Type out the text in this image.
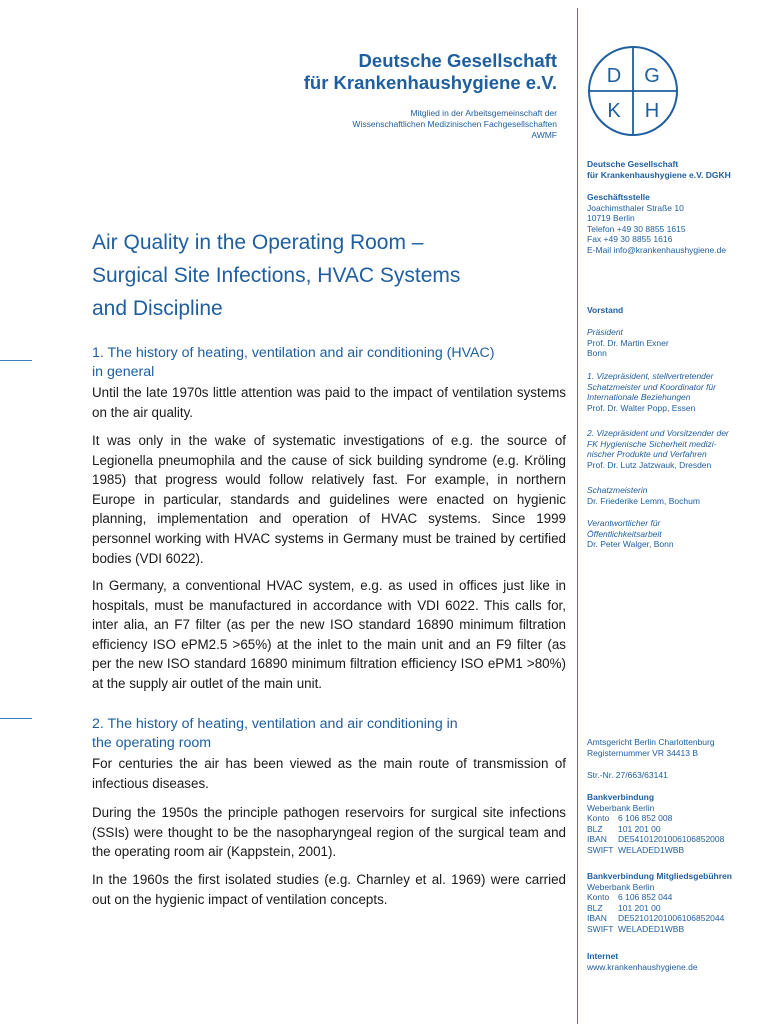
Deutsche Gesellschaft
für Krankenhaushygiene e.V.
Mitglied in der Arbeitsgemeinschaft der
Wissenschaftlichen Medizinischen Fachgesellschaften
AWMF
D G
K H
Deutsche Gesellschaft
für Krankenhaushygiene e.V. DGKH
Geschäftsstelle
Joachimsthaler Straße 10
10719 Berlin
Telefon +49 30 8855 1615
Fax +49 30 8855 1616
E-Mail info@krankenhaushygiene.de
Vorstand
Präsident
Prof. Dr. Martin Exner
Bonn
1. Vizepräsident, stellvertretender
Schatzmeister und Koordinator für
Internationale Beziehungen
Prof. Dr. Walter Popp, Essen
2. Vizepräsident und Vorsitzender der
FK Hygienische Sicherheit medizi-
nischer Produkte und Verfahren
Prof. Dr. Lutz Jatzwauk, Dresden
Schatzmeisterin
Dr. Friederike Lemm, Bochum
Verantwortlicher für
Öffentlichkeitsarbeit
Dr. Peter Walger, Bonn
Amtsgericht Berlin Charlottenburg
Registernummer VR 34413 B
Str.-Nr. 27/663/63141
Bankverbindung
Weberbank Berlin
Konto	6 106 852 008
BLZ	101 201 00
IBAN	DE54101201006106852008
SWIFT WELADED1WBB
Bankverbindung Mitgliedsgebühren
Weberbank Berlin
Konto	6 106 852 044
BLZ	101 201 00
IBAN	DE52101201006106852044
SWIFT WELADED1WBB
Internet
www.krankenhaushygiene.de
Air Quality in the Operating Room –
Surgical Site Infections, HVAC Systems
and Discipline
1. The history of heating, ventilation and air conditioning (HVAC)
in general
Until the late 1970s little attention was paid to the impact of ventilation systems on the air quality.
It was only in the wake of systematic investigations of e.g. the source of Legionella pneumophila and the cause of sick building syndrome (e.g. Kröling 1985) that progress would follow relatively fast. For example, in northern Europe in particular, standards and guidelines were enacted on hygienic planning, implementation and operation of HVAC systems. Since 1999 personnel working with HVAC systems in Germany must be trained by certified bodies (VDI 6022).
In Germany, a conventional HVAC system, e.g. as used in offices just like in hospitals, must be manufactured in accordance with VDI 6022. This calls for, inter alia, an F7 filter (as per the new ISO standard 16890 minimum filtration efficiency ISO ePM2.5 >65%) at the inlet to the main unit and an F9 filter (as per the new ISO standard 16890 minimum filtration efficiency ISO ePM1 >80%) at the supply air outlet of the main unit.
2. The history of heating, ventilation and air conditioning in
the operating room
For centuries the air has been viewed as the main route of transmission of infectious diseases.
During the 1950s the principle pathogen reservoirs for surgical site infections (SSIs) were thought to be the nasopharyngeal region of the surgical team and the operating room air (Kappstein, 2001).
In the 1960s the first isolated studies (e.g. Charnley et al. 1969) were carried out on the hygienic impact of ventilation concepts.
